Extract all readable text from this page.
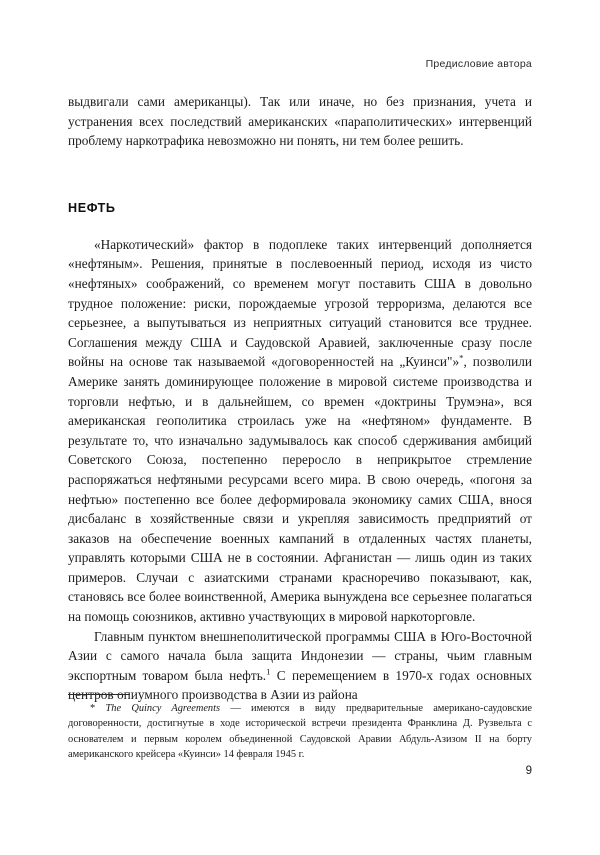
Предисловие автора

выдвигали сами американцы). Так или иначе, но без признания, учета и устранения всех последствий американских «параполитических» интервенций проблему наркотрафика невозможно ни понять, ни тем более решить.

НЕФТЬ

«Наркотический» фактор в подоплеке таких интервенций дополняется «нефтяным». Решения, принятые в послевоенный период, исходя из чисто «нефтяных» соображений, со временем могут поставить США в довольно трудное положение: риски, порождаемые угрозой терроризма, делаются все серьезнее, а выпутываться из неприятных ситуаций становится все труднее. Соглашения между США и Саудовской Аравией, заключенные сразу после войны на основе так называемой «договоренностей на „Куинси"»*, позволили Америке занять доминирующее положение в мировой системе производства и торговли нефтью, и в дальнейшем, со времен «доктрины Трумэна», вся американская геополитика строилась уже на «нефтяном» фундаменте. В результате то, что изначально задумывалось как способ сдерживания амбиций Советского Союза, постепенно переросло в неприкрытое стремление распоряжаться нефтяными ресурсами всего мира. В свою очередь, «погоня за нефтью» постепенно все более деформировала экономику самих США, внося дисбаланс в хозяйственные связи и укрепляя зависимость предприятий от заказов на обеспечение военных кампаний в отдаленных частях планеты, управлять которыми США не в состоянии. Афганистан — лишь один из таких примеров. Случаи с азиатскими странами красноречиво показывают, как, становясь все более воинственной, Америка вынуждена все серьезнее полагаться на помощь союзников, активно участвующих в мировой наркоторговле.

Главным пунктом внешнеполитической программы США в Юго-Восточной Азии с самого начала была защита Индонезии — страны, чьим главным экспортным товаром была нефть.$^1$ С перемещением в 1970-х годах основных центров опиумного производства в Азии из района

* The Quincy Agreements — имеются в виду предварительные американо-саудовские договоренности, достигнутые в ходе исторической встречи президента Франклина Д. Рузвельта с основателем и первым королем объединенной Саудовской Аравии Абдуль-Азизом II на борту американского крейсера «Куинси» 14 февраля 1945 г.

9
